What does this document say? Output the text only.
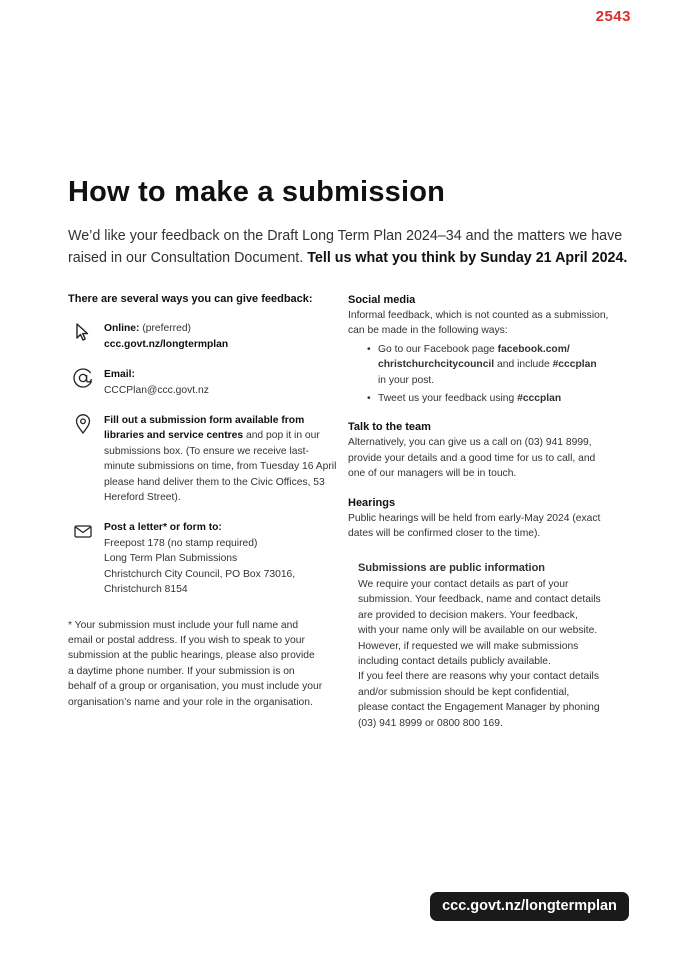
2543
How to make a submission

We’d like your feedback on the Draft Long Term Plan 2024–34 and the matters we have raised in our Consultation Document. Tell us what you think by Sunday 21 April 2024.

There are several ways you can give feedback:
Online: (preferred)
ccc.govt.nz/longtermplan
Email:
CCCPlan@ccc.govt.nz
Fill out a submission form available from libraries and service centres and pop it in our submissions box. (To ensure we receive last-minute submissions on time, from Tuesday 16 April please hand deliver them to the Civic Offices, 53 Hereford Street).
Post a letter* or form to:
Freepost 178 (no stamp required)
Long Term Plan Submissions
Christchurch City Council, PO Box 73016,
Christchurch 8154
* Your submission must include your full name and
email or postal address. If you wish to speak to your
submission at the public hearings, please also provide
a daytime phone number. If your submission is on
behalf of a group or organisation, you must include your
organisation’s name and your role in the organisation.
Social media
Informal feedback, which is not counted as a submission,
can be made in the following ways:
• Go to our Facebook page facebook.com/
christchurchcitycouncil and include #cccplan
in your post.
• Tweet us your feedback using #cccplan
Talk to the team
Alternatively, you can give us a call on (03) 941 8999,
provide your details and a good time for us to call, and
one of our managers will be in touch.
Hearings
Public hearings will be held from early-May 2024 (exact
dates will be confirmed closer to the time).
Submissions are public information
We require your contact details as part of your
submission. Your feedback, name and contact details
are provided to decision makers. Your feedback,
with your name only will be available on our website.
However, if requested we will make submissions
including contact details publicly available.
If you feel there are reasons why your contact details
and/or submission should be kept confidential,
please contact the Engagement Manager by phoning
(03) 941 8999 or 0800 800 169.
ccc.govt.nz/longtermplan
